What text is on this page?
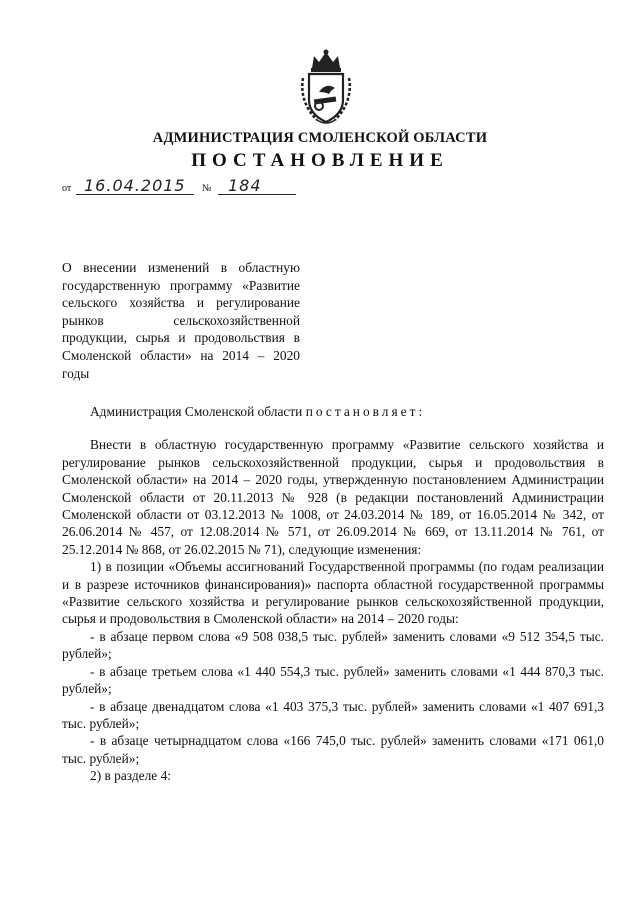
АДМИНИСТРАЦИЯ СМОЛЕНСКОЙ ОБЛАСТИ
ПОСТАНОВЛЕНИЕ
от 16.04.2015 № 184
О внесении изменений в областную государственную программу «Развитие сельского хозяйства и регулирование рынков сельскохозяйственной продукции, сырья и продовольствия в Смоленской области» на 2014 – 2020 годы

Администрация Смоленской области постановляет:

Внести в областную государственную программу «Развитие сельского хозяйства и регулирование рынков сельскохозяйственной продукции, сырья и продовольствия в Смоленской области» на 2014 – 2020 годы, утвержденную постановлением Администрации Смоленской области от 20.11.2013 № 928 (в редакции постановлений Администрации Смоленской области от 03.12.2013 № 1008, от 24.03.2014 № 189, от 16.05.2014 № 342, от 26.06.2014 № 457, от 12.08.2014 № 571, от 26.09.2014 № 669, от 13.11.2014 № 761, от 25.12.2014 № 868, от 26.02.2015 № 71), следующие изменения:

1) в позиции «Объемы ассигнований Государственной программы (по годам реализации и в разрезе источников финансирования)» паспорта областной государственной программы «Развитие сельского хозяйства и регулирование рынков сельскохозяйственной продукции, сырья и продовольствия в Смоленской области» на 2014 – 2020 годы:

- в абзаце первом слова «9 508 038,5 тыс. рублей» заменить словами «9 512 354,5 тыс. рублей»;

- в абзаце третьем слова «1 440 554,3 тыс. рублей» заменить словами «1 444 870,3 тыс. рублей»;

- в абзаце двенадцатом слова «1 403 375,3 тыс. рублей» заменить словами «1 407 691,3 тыс. рублей»;

- в абзаце четырнадцатом слова «166 745,0 тыс. рублей» заменить словами «171 061,0 тыс. рублей»;

2) в разделе 4:
